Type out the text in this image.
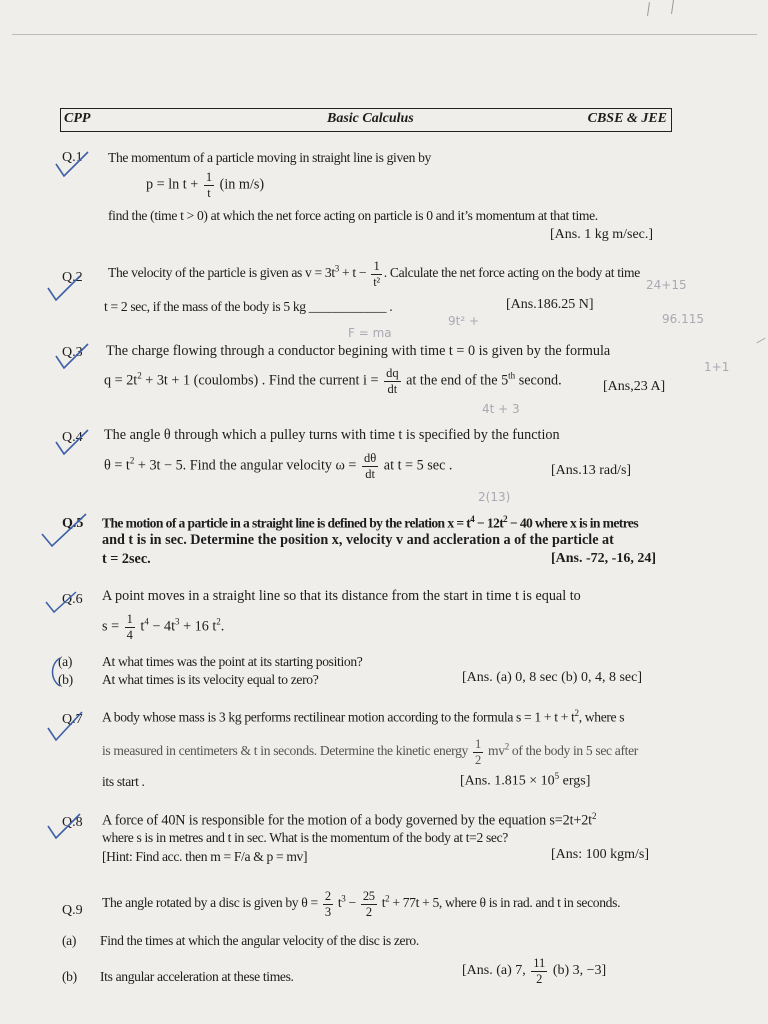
CPP	Basic Calculus	CBSE & JEE
Q.1 The momentum of a particle moving in straight line is given by
$p = \ln t + \frac{1}{t} (in$ m/s)
find the (time t > 0) at which the net force acting on particle is 0 and it’s momentum at that time.
[Ans. 1 kg m/sec.]
Q.2 The velocity of the particle is given as $v = 3t^3 + t - \frac{1}{\text{t²}}$ . Calculate the net force acting on the body at time
t = 2 sec, if the mass of the body is 5 kg ____________ .	[Ans.186.25 N]
Q.3 The charge flowing through a conductor begining with time t = 0 is given by the formula
$q = 2t^2 + 3t + 1$ (coulombs) . Find the current $i = \frac{dq}{dt}$ at the end of the 5th second.	[Ans,23 A]
Q.4 The angle θ through which a pulley turns with time t is specified by the function
$\theta = t^2 + 3t - 5$. Find the angular velocity $\omega = \frac{d\theta}{dt}$ at t = 5 sec .	[Ans.13 rad/s]
Q.5 The motion of a particle in a straight line is defined by the relation $x = t^4 - 12t^2 - 40$ where x is in metres
and t is in sec. Determine the position x, velocity v and accleration a of the particle at
t = 2sec.	[Ans. -72, -16, 24]
Q.6 A point moves in a straight line so that its distance from the start in time t is equal to
$s = \frac{1}{4} t^4 - 4t^3 + 16$ $t^2$.
(a) At what times was the point at its starting position?
(b) At what times is its velocity equal to zero?	[Ans. (a) 0, 8 sec (b) 0, 4, 8 sec]
Q.7 A body whose mass is 3 kg performs rectilinear motion according to the formula $s = 1 + t + t^2$, where s
is measured in centimeters & t in seconds. Determine the kinetic energy $\frac{1}{2} mv^2$ of the body in 5 sec after
its start .	[Ans. $1.815 \times 10^5$ ergs]
Q.8 A force of 40N is responsible for the motion of a body governed by the equation $s=2t+2t^2$
where s is in metres and t in sec. What is the momentum of the body at t=2 sec?
[Hint: Find acc. then m = F/a & p = mv]	[Ans: 100 kgm/s]
Q.9
The angle rotated by a disc is given by $\theta = \frac{2}{3} t^3 - \frac{25}{2} t^2 + 77t + 5$, where θ is in rad. and t in seconds.
(a) Find the times at which the angular velocity of the disc is zero.
(b) Its angular acceleration at these times.	[Ans. (a) 7, $\frac{11}{2} (b)$ 3, −3]
24+15
96.115
9t² +
F = ma
4t + 3
2(13)
1+1
